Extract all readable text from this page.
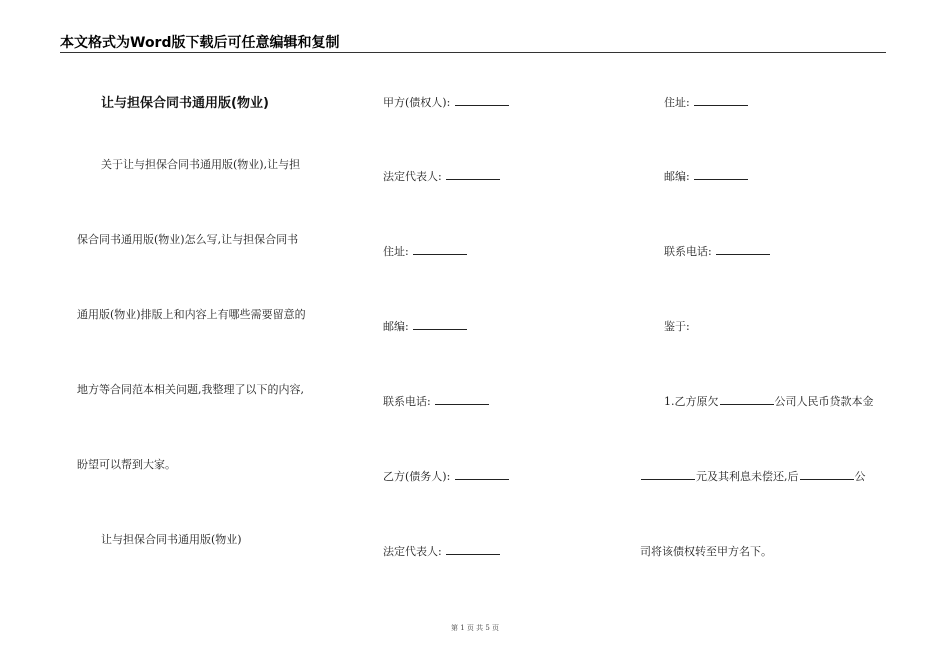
本文格式为Word版下载后可任意编辑和复制
让与担保合同书通用版(物业)
关于让与担保合同书通用版(物业),让与担
保合同书通用版(物业)怎么写,让与担保合同书
通用版(物业)排版上和内容上有哪些需要留意的
地方等合同范本相关问题,我整理了以下的内容,
盼望可以帮到大家。
让与担保合同书通用版(物业)
甲方(债权人):
法定代表人:
住址:
邮编:
联系电话:
乙方(债务人):
法定代表人:
住址:
邮编:
联系电话:
鉴于:
1.乙方原欠	公司人民币贷款本金
元及其利息未偿还,后	公
司将该债权转至甲方名下。
第 1 页 共 5 页
